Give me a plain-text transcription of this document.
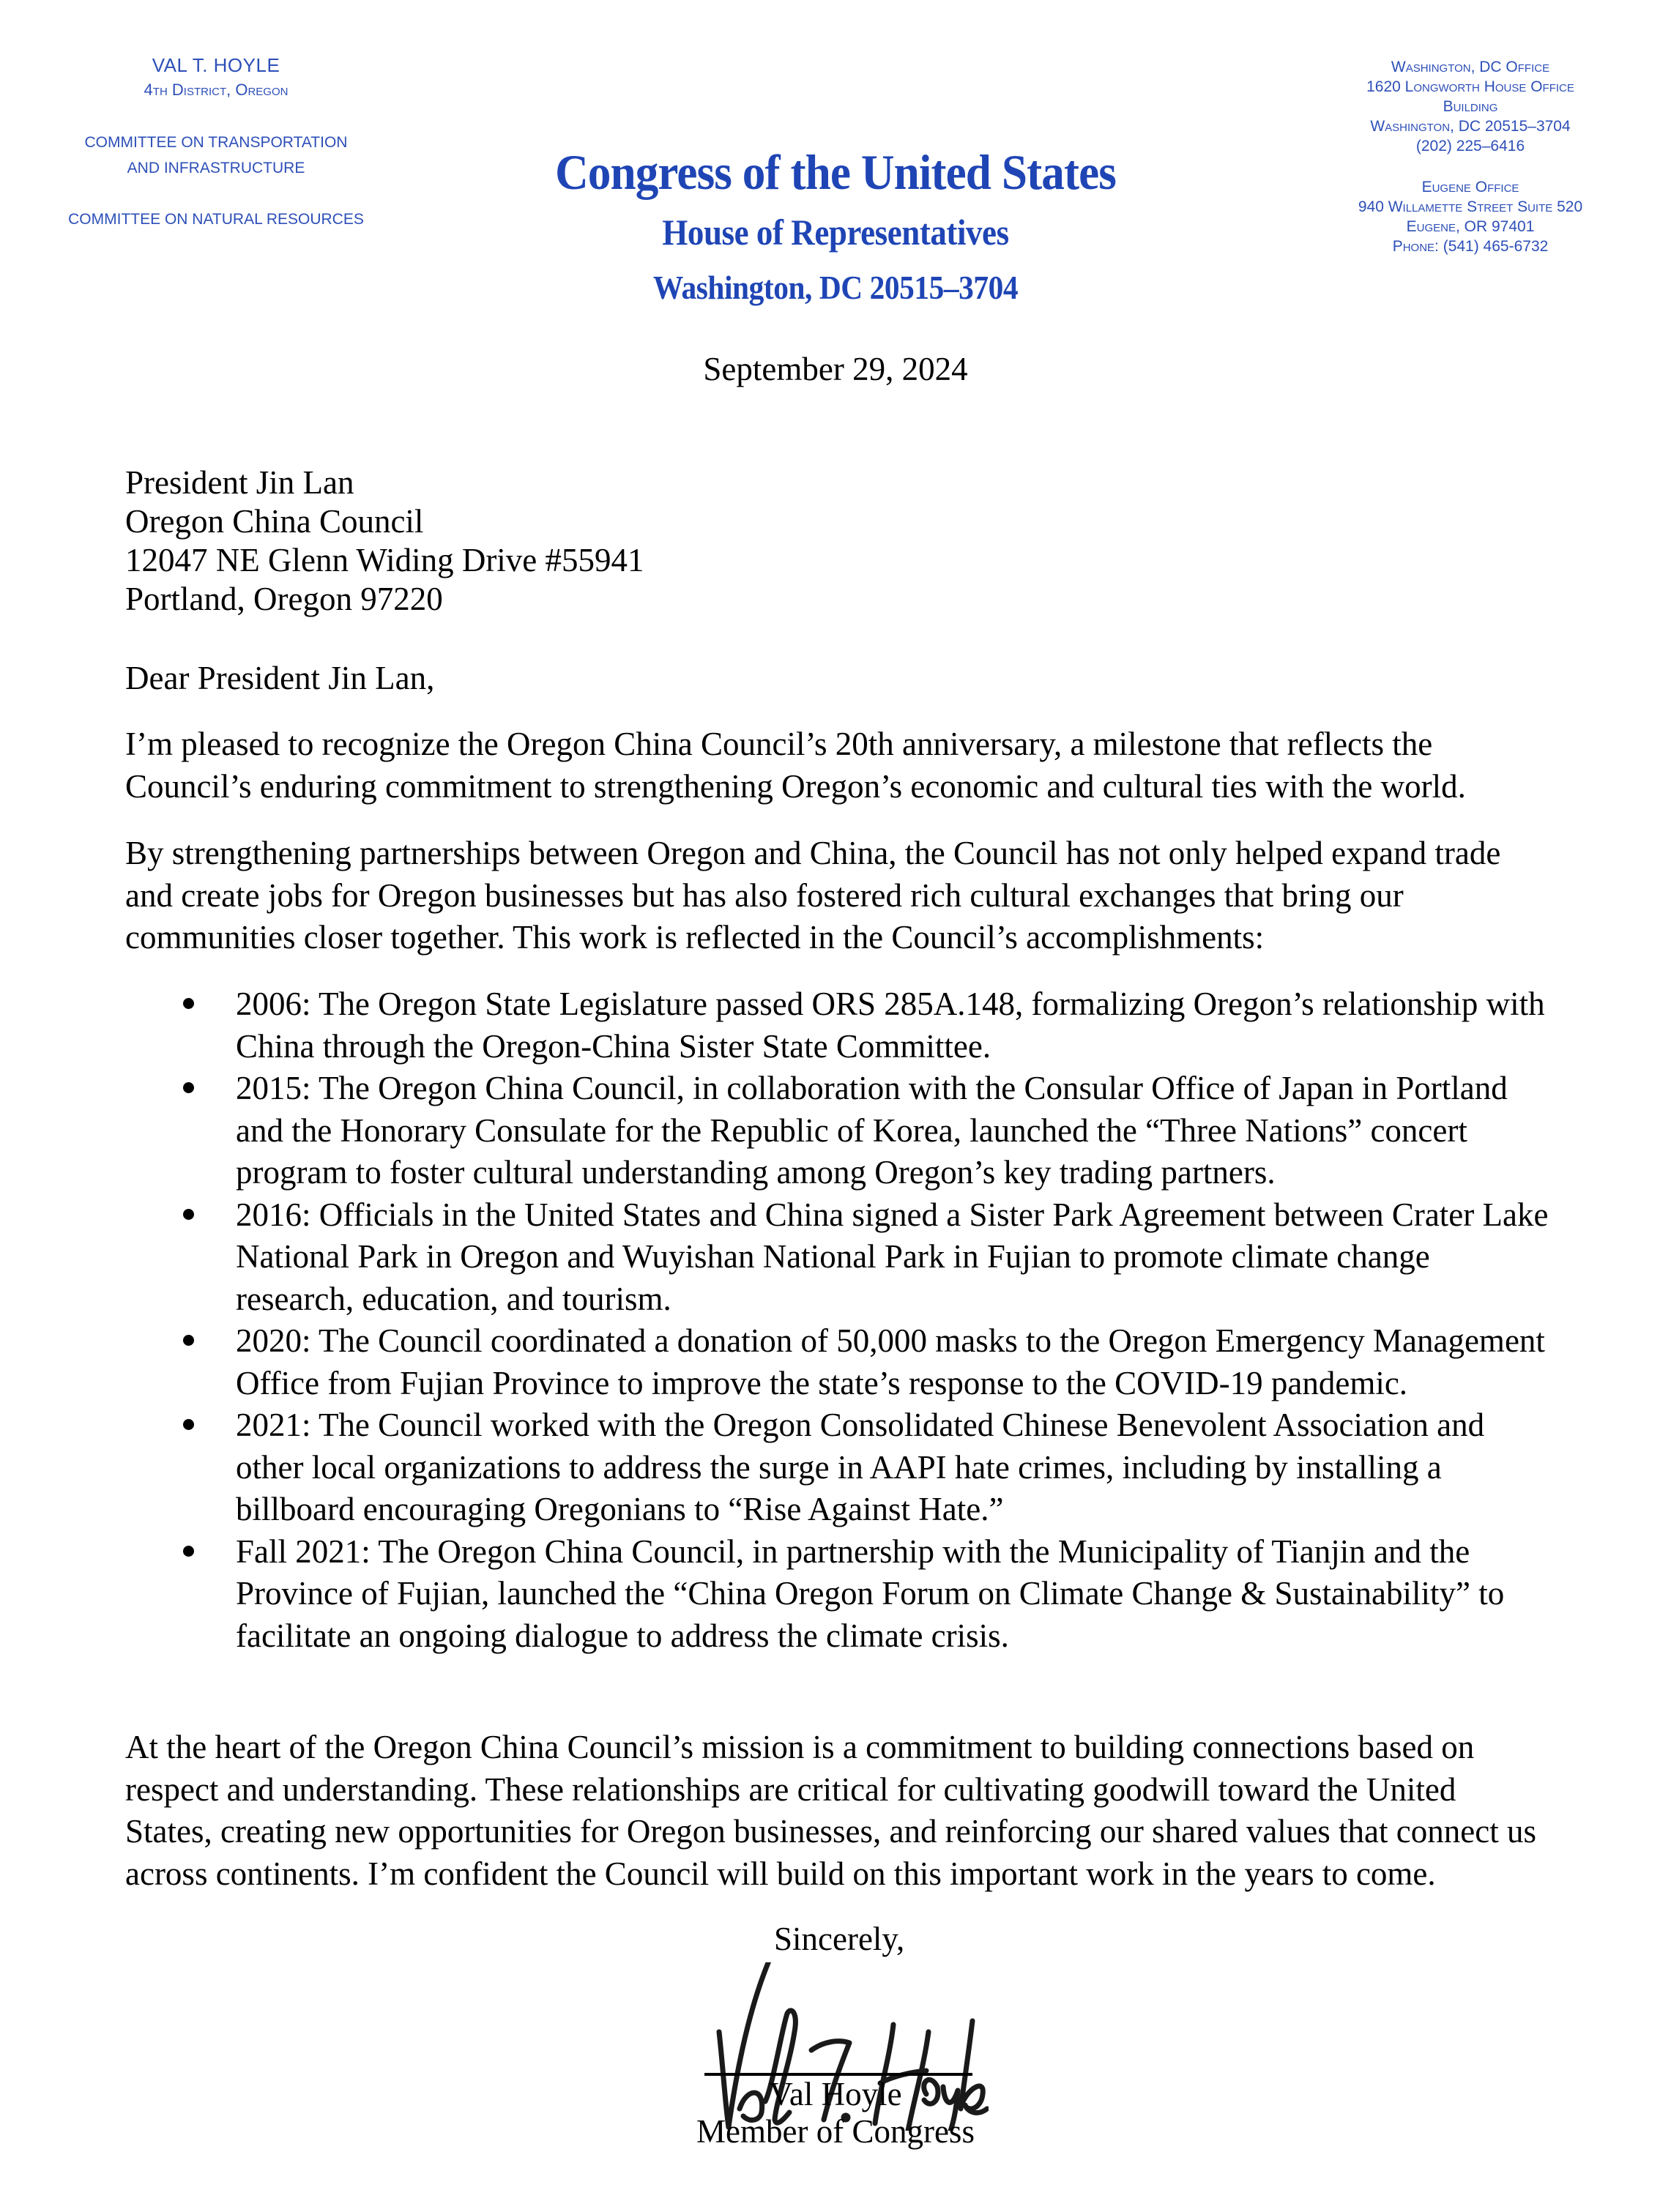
VAL T. HOYLE
4th District, Oregon
COMMITTEE ON TRANSPORTATION
AND INFRASTRUCTURE
COMMITTEE ON NATURAL RESOURCES
Congress of the United States
House of Representatives
Washington, DC 20515–3704
Washington, DC Office
1620 Longworth House Office
Building
Washington, DC 20515–3704
(202) 225–6416
Eugene Office
940 Willamette Street Suite 520
Eugene, OR 97401
Phone: (541) 465-6732
September 29, 2024
President Jin Lan
Oregon China Council
12047 NE Glenn Widing Drive #55941
Portland, Oregon 97220
Dear President Jin Lan,
I’m pleased to recognize the Oregon China Council’s 20th anniversary, a milestone that reflects the Council’s enduring commitment to strengthening Oregon’s economic and cultural ties with the world.
By strengthening partnerships between Oregon and China, the Council has not only helped expand trade and create jobs for Oregon businesses but has also fostered rich cultural exchanges that bring our communities closer together. This work is reflected in the Council’s accomplishments:
2006: The Oregon State Legislature passed ORS 285A.148, formalizing Oregon’s relationship with China through the Oregon-China Sister State Committee.
2015: The Oregon China Council, in collaboration with the Consular Office of Japan in Portland and the Honorary Consulate for the Republic of Korea, launched the “Three Nations” concert program to foster cultural understanding among Oregon’s key trading partners.
2016: Officials in the United States and China signed a Sister Park Agreement between Crater Lake National Park in Oregon and Wuyishan National Park in Fujian to promote climate change research, education, and tourism.
2020: The Council coordinated a donation of 50,000 masks to the Oregon Emergency Management Office from Fujian Province to improve the state’s response to the COVID-19 pandemic.
2021: The Council worked with the Oregon Consolidated Chinese Benevolent Association and other local organizations to address the surge in AAPI hate crimes, including by installing a billboard encouraging Oregonians to “Rise Against Hate.”
Fall 2021: The Oregon China Council, in partnership with the Municipality of Tianjin and the Province of Fujian, launched the “China Oregon Forum on Climate Change & Sustainability” to facilitate an ongoing dialogue to address the climate crisis.
At the heart of the Oregon China Council’s mission is a commitment to building connections based on respect and understanding. These relationships are critical for cultivating goodwill toward the United States, creating new opportunities for Oregon businesses, and reinforcing our shared values that connect us across continents. I’m confident the Council will build on this important work in the years to come.
Sincerely,
Val Hoyle
Member of Congress
